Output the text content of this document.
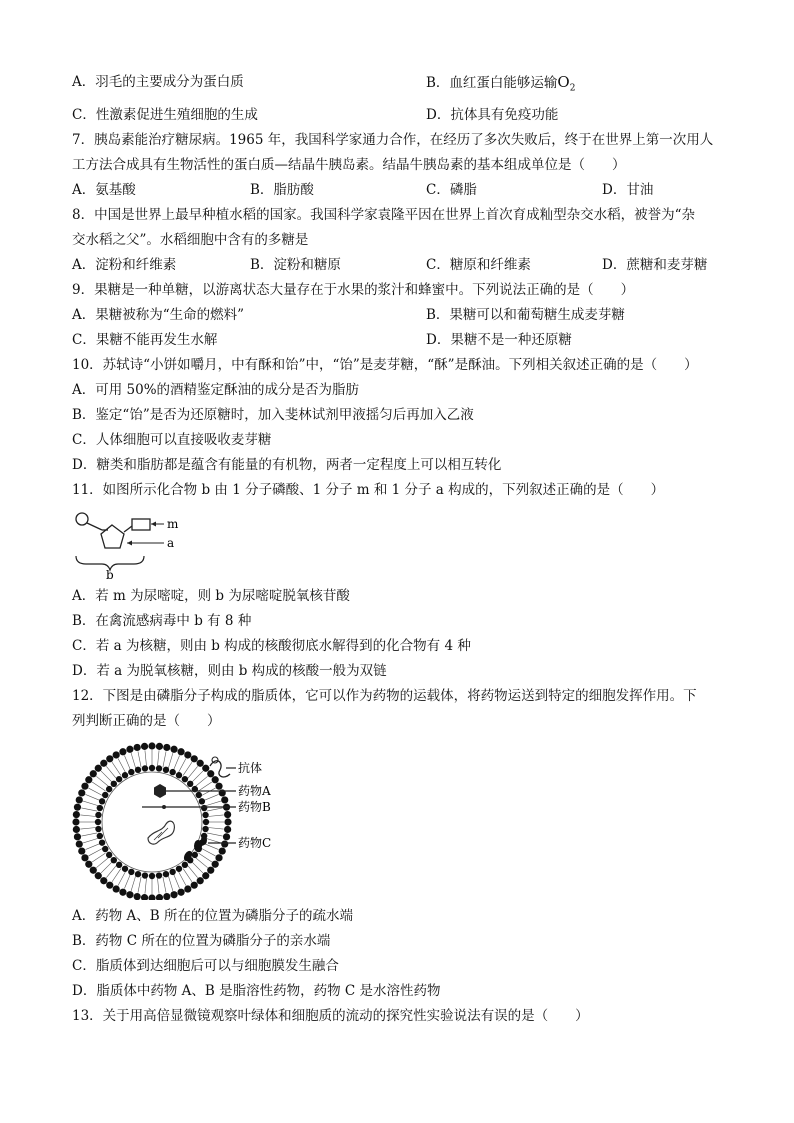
A．羽毛的主要成分为蛋白质	B．血红蛋白能够运输$O_2$
C．性激素促进生殖细胞的生成	D．抗体具有免疫功能
7．胰岛素能治疗糖尿病。1965 年，我国科学家通力合作，在经历了多次失败后，终于在世界上第一次用人
工方法合成具有生物活性的蛋白质—结晶牛胰岛素。结晶牛胰岛素的基本组成单位是（　　）
A．氨基酸	B．脂肪酸	C．磷脂	D．甘油
8．中国是世界上最早种植水稻的国家。我国科学家袁隆平因在世界上首次育成籼型杂交水稻，被誉为“杂
交水稻之父”。水稻细胞中含有的多糖是
A．淀粉和纤维素	B．淀粉和糖原	C．糖原和纤维素	D．蔗糖和麦芽糖
9．果糖是一种单糖，以游离状态大量存在于水果的浆汁和蜂蜜中。下列说法正确的是（　　）
A．果糖被称为“生命的燃料”	B．果糖可以和葡萄糖生成麦芽糖
C．果糖不能再发生水解	D．果糖不是一种还原糖
10．苏轼诗“小饼如嚼月，中有酥和饴”中，“饴”是麦芽糖，“酥”是酥油。下列相关叙述正确的是（　　）
A．可用 50%的酒精鉴定酥油的成分是否为脂肪
B．鉴定“饴”是否为还原糖时，加入斐林试剂甲液摇匀后再加入乙液
C．人体细胞可以直接吸收麦芽糖
D．糖类和脂肪都是蕴含有能量的有机物，两者一定程度上可以相互转化
11．如图所示化合物 b 由 1 分子磷酸、1 分子 m 和 1 分子 a 构成的，下列叙述正确的是（　　）
m
a
b
A．若 m 为尿嘧啶，则 b 为尿嘧啶脱氧核苷酸
B．在禽流感病毒中 b 有 8 种
C．若 a 为核糖，则由 b 构成的核酸彻底水解得到的化合物有 4 种
D．若 a 为脱氧核糖，则由 b 构成的核酸一般为双链
12．下图是由磷脂分子构成的脂质体，它可以作为药物的运载体，将药物运送到特定的细胞发挥作用。下
列判断正确的是（　　）
抗体
药物A
药物B
药物C
A．药物 A、B 所在的位置为磷脂分子的疏水端
B．药物 C 所在的位置为磷脂分子的亲水端
C．脂质体到达细胞后可以与细胞膜发生融合
D．脂质体中药物 A、B 是脂溶性药物，药物 C 是水溶性药物
13．关于用高倍显微镜观察叶绿体和细胞质的流动的探究性实验说法有误的是（　　）
